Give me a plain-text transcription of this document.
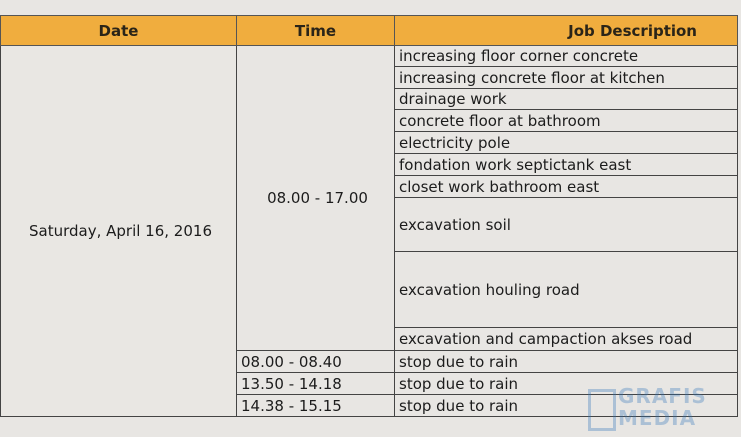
Date	Time	Job Description
Saturday, April 16, 2016	08.00 - 17.00	increasing floor corner concrete
		increasing concrete floor at kitchen
		drainage work
		concrete floor at bathroom
		electricity pole
		fondation work septictank east
		closet work bathroom east
		excavation soil
		excavation houling road
		excavation and campaction akses road
	08.00 - 08.40	stop due to rain
	13.50 - 14.18	stop due to rain
	14.38 - 15.15	stop due to rain	GRAFIS
MEDIA
